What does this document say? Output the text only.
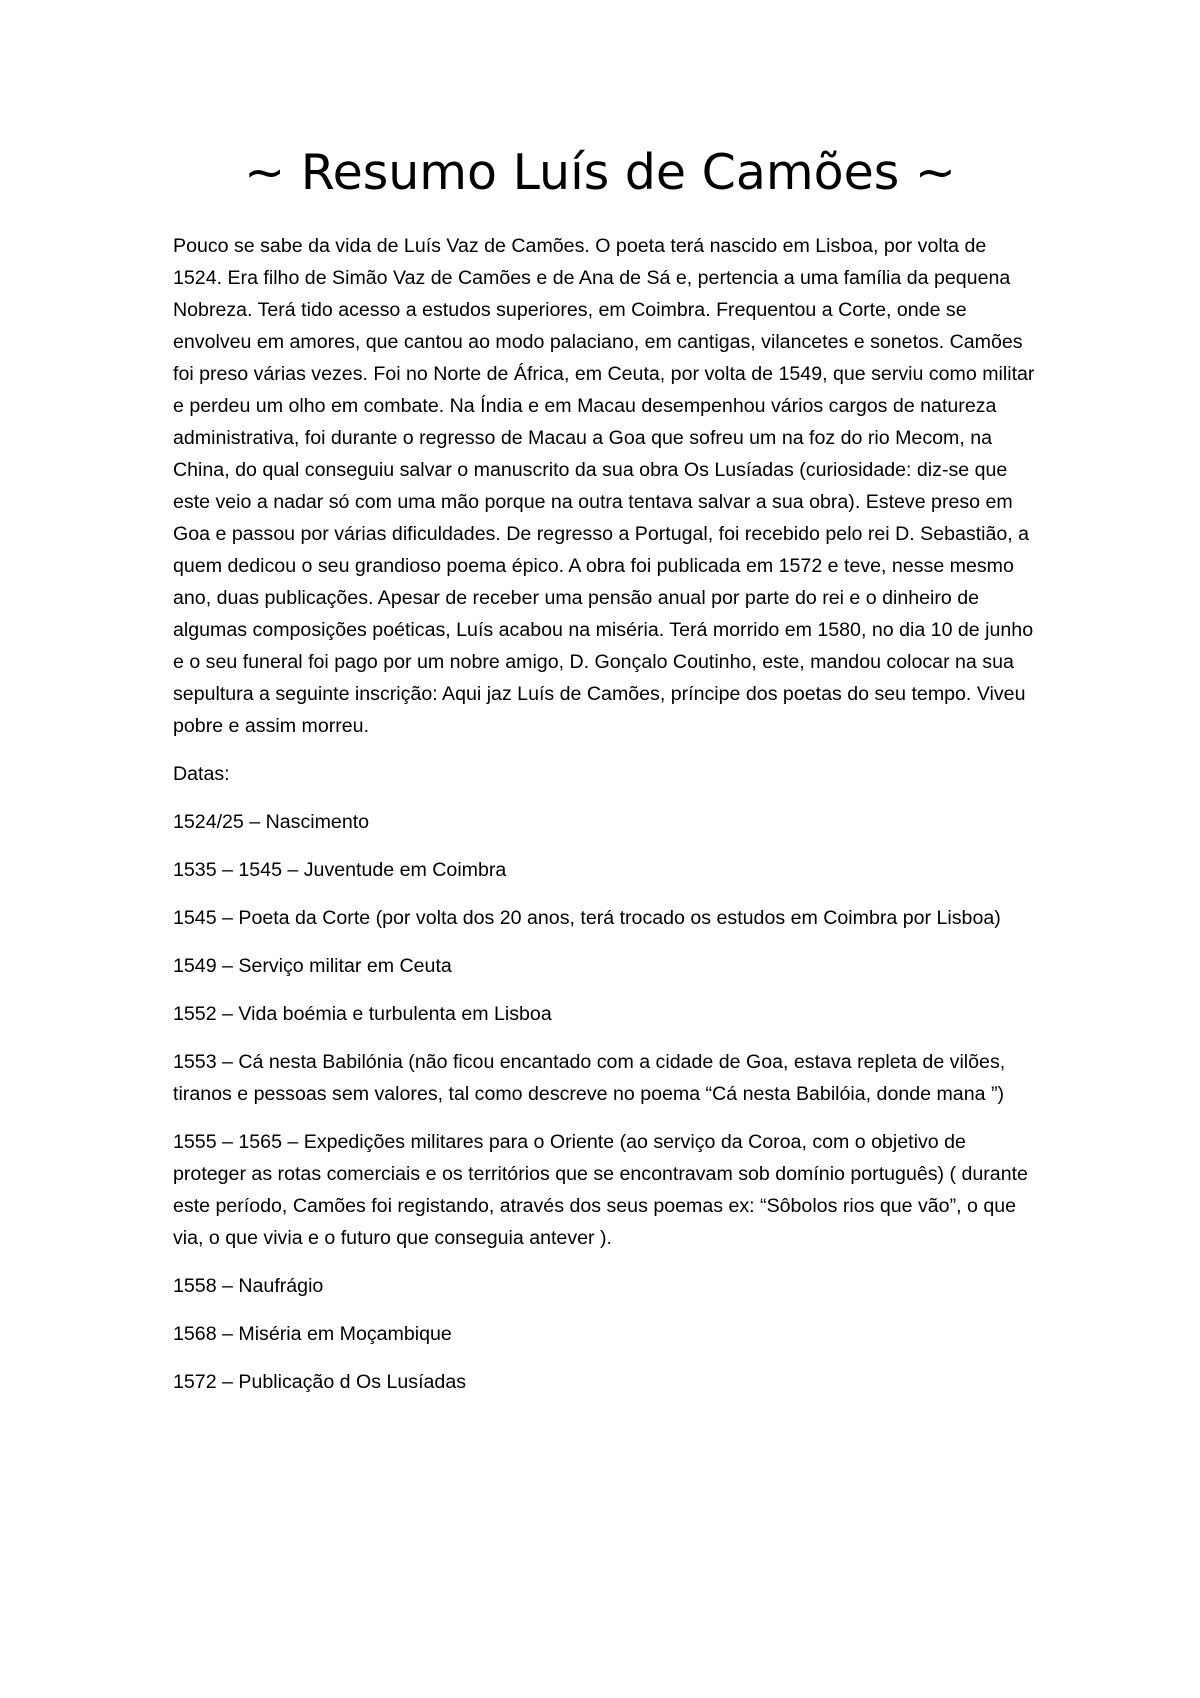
~ Resumo Luís de Camões ~

Pouco se sabe da vida de Luís Vaz de Camões. O poeta terá nascido em Lisboa, por volta de 1524. Era filho de Simão Vaz de Camões e de Ana de Sá e, pertencia a uma família da pequena Nobreza. Terá tido acesso a estudos superiores, em Coimbra. Frequentou a Corte, onde se envolveu em amores, que cantou ao modo palaciano, em cantigas, vilancetes e sonetos. Camões foi preso várias vezes. Foi no Norte de África, em Ceuta, por volta de 1549, que serviu como militar e perdeu um olho em combate. Na Índia e em Macau desempenhou vários cargos de natureza administrativa, foi durante o regresso de Macau a Goa que sofreu um na foz do rio Mecom, na China, do qual conseguiu salvar o manuscrito da sua obra Os Lusíadas (curiosidade: diz-se que este veio a nadar só com uma mão porque na outra tentava salvar a sua obra). Esteve preso em Goa e passou por várias dificuldades. De regresso a Portugal, foi recebido pelo rei D. Sebastião, a quem dedicou o seu grandioso poema épico. A obra foi publicada em 1572 e teve, nesse mesmo ano, duas publicações. Apesar de receber uma pensão anual por parte do rei e o dinheiro de algumas composições poéticas, Luís acabou na miséria. Terá morrido em 1580, no dia 10 de junho e o seu funeral foi pago por um nobre amigo, D. Gonçalo Coutinho, este, mandou colocar na sua sepultura a seguinte inscrição: Aqui jaz Luís de Camões, príncipe dos poetas do seu tempo. Viveu pobre e assim morreu.

Datas:

1524/25 – Nascimento
1535 – 1545 – Juventude em Coimbra
1545 – Poeta da Corte (por volta dos 20 anos, terá trocado os estudos em Coimbra por Lisboa)
1549 – Serviço militar em Ceuta
1552 – Vida boémia e turbulenta em Lisboa
1553 – Cá nesta Babilónia (não ficou encantado com a cidade de Goa, estava repleta de vilões, tiranos e pessoas sem valores, tal como descreve no poema “Cá nesta Babilóia, donde mana ”)
1555 – 1565 – Expedições militares para o Oriente (ao serviço da Coroa, com o objetivo de proteger as rotas comerciais e os territórios que se encontravam sob domínio português) ( durante este período, Camões foi registando, através dos seus poemas ex: “Sôbolos rios que vão”, o que via, o que vivia e o futuro que conseguia antever ).
1558 – Naufrágio
1568 – Miséria em Moçambique
1572 – Publicação d Os Lusíadas
